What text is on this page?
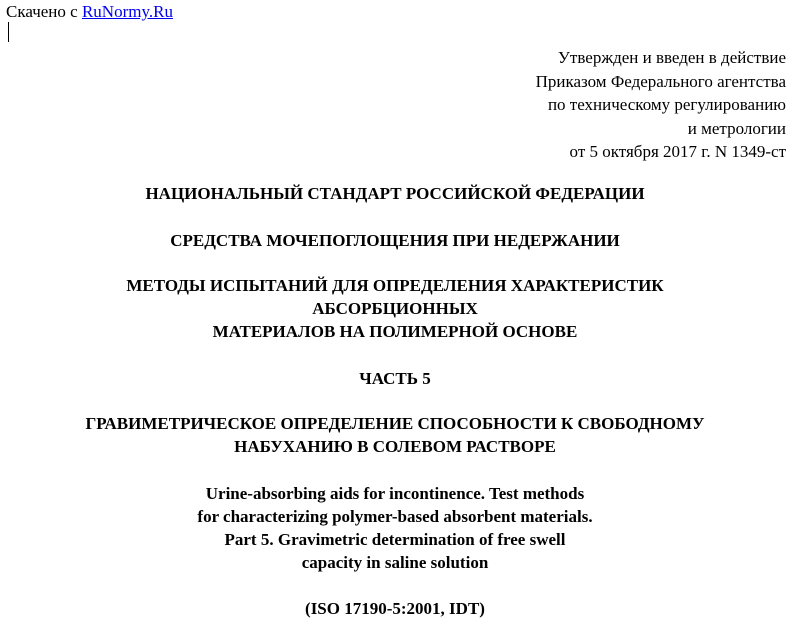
Скачено с RuNormy.Ru
Утвержден и введен в действие
Приказом Федерального агентства
по техническому регулированию
и метрологии
от 5 октября 2017 г. N 1349-ст
НАЦИОНАЛЬНЫЙ СТАНДАРТ РОССИЙСКОЙ ФЕДЕРАЦИИ
СРЕДСТВА МОЧЕПОГЛОЩЕНИЯ ПРИ НЕДЕРЖАНИИ
МЕТОДЫ ИСПЫТАНИЙ ДЛЯ ОПРЕДЕЛЕНИЯ ХАРАКТЕРИСТИК
АБСОРБЦИОННЫХ
МАТЕРИАЛОВ НА ПОЛИМЕРНОЙ ОСНОВЕ
ЧАСТЬ 5
ГРАВИМЕТРИЧЕСКОЕ ОПРЕДЕЛЕНИЕ СПОСОБНОСТИ К СВОБОДНОМУ
НАБУХАНИЮ В СОЛЕВОМ РАСТВОРЕ
Urine-absorbing aids for incontinence. Test methods
for characterizing polymer-based absorbent materials.
Part 5. Gravimetric determination of free swell
capacity in saline solution
(ISO 17190-5:2001, IDT)
